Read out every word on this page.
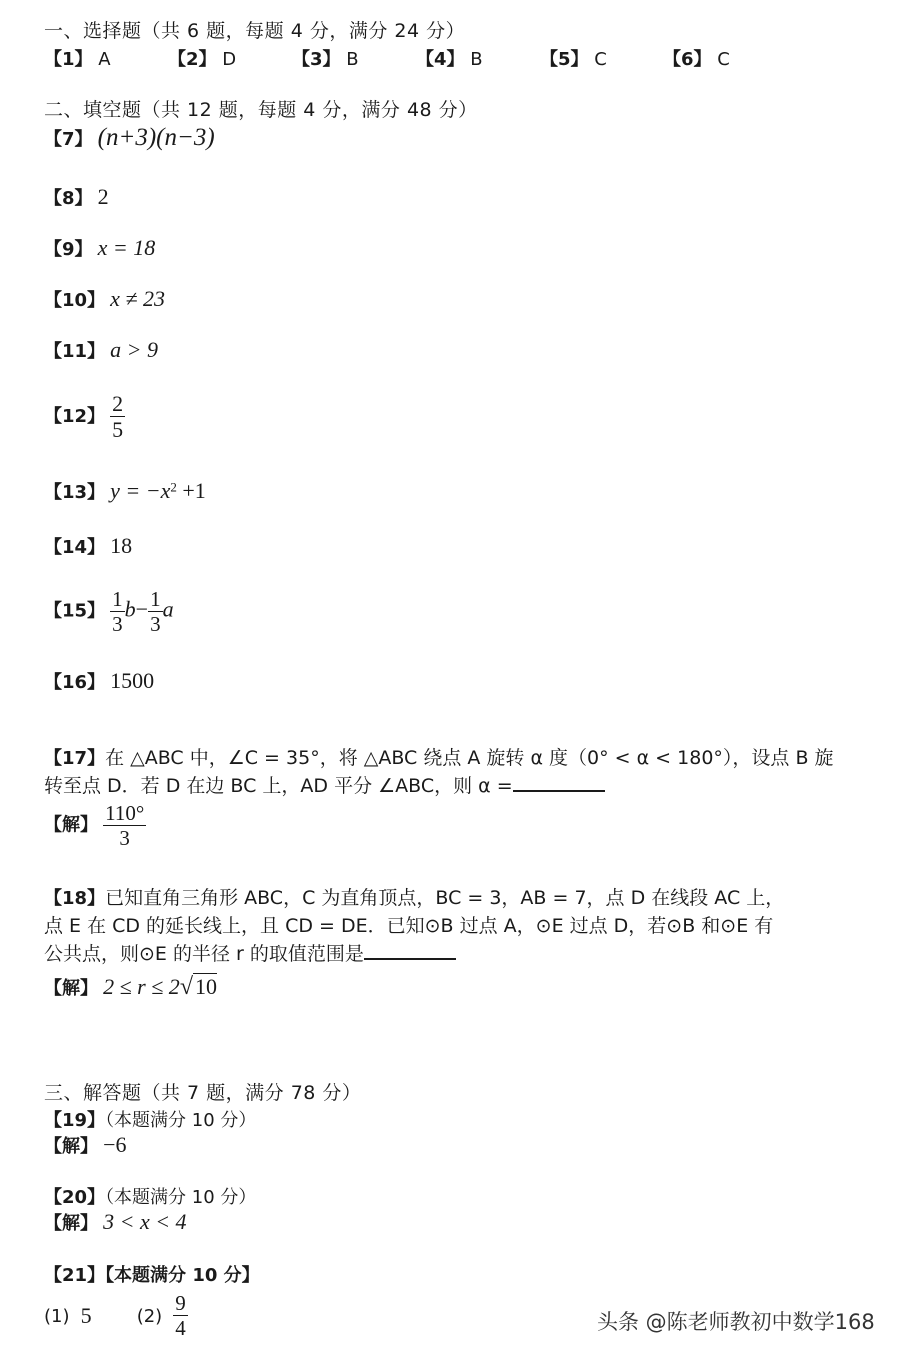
一、选择题（共 6 题，每题 4 分，满分 24 分）
【1】 A	【2】 D	【3】 B	【4】 B	【5】 C	【6】 C
二、填空题（共 12 题，每题 4 分，满分 48 分）
【7】 (n+3)(n−3)
【8】 2
【9】 x = 18
【10】 x ≠ 23
【11】 a > 9
【12】 $\frac{2}{5}$
【13】 $y = -x^2 +1$
【14】 18
【15】 $\frac{1}{3} b- \frac{1}{3}$ a
【16】 1500
【17】在 △ABC 中，∠C = 35°，将 △ABC 绕点 A 旋转 α 度（0° < α < 180°），设点 B 旋
转至点 D．若 D 在边 BC 上，AD 平分 ∠ABC，则 α =
【解】 $\frac{110^\circ}{3}$
【18】已知直角三角形 ABC，C 为直角顶点，BC = 3，AB = 7，点 D 在线段 AC 上，
点 E 在 CD 的延长线上，且 CD = DE．已知⊙B 过点 A，⊙E 过点 D，若⊙B 和⊙E 有
公共点，则⊙E 的半径 r 的取值范围是
【解】 2 ≤ r ≤ 2√10
三、解答题（共 7 题，满分 78 分）
【19】（本题满分 10 分）
【解】 −6
【20】（本题满分 10 分）
【解】 3 < x < 4
【21】【本题满分 10 分】
(1) 5	$(2) \frac{9}{4}$	头条 @陈老师教初中数学168
